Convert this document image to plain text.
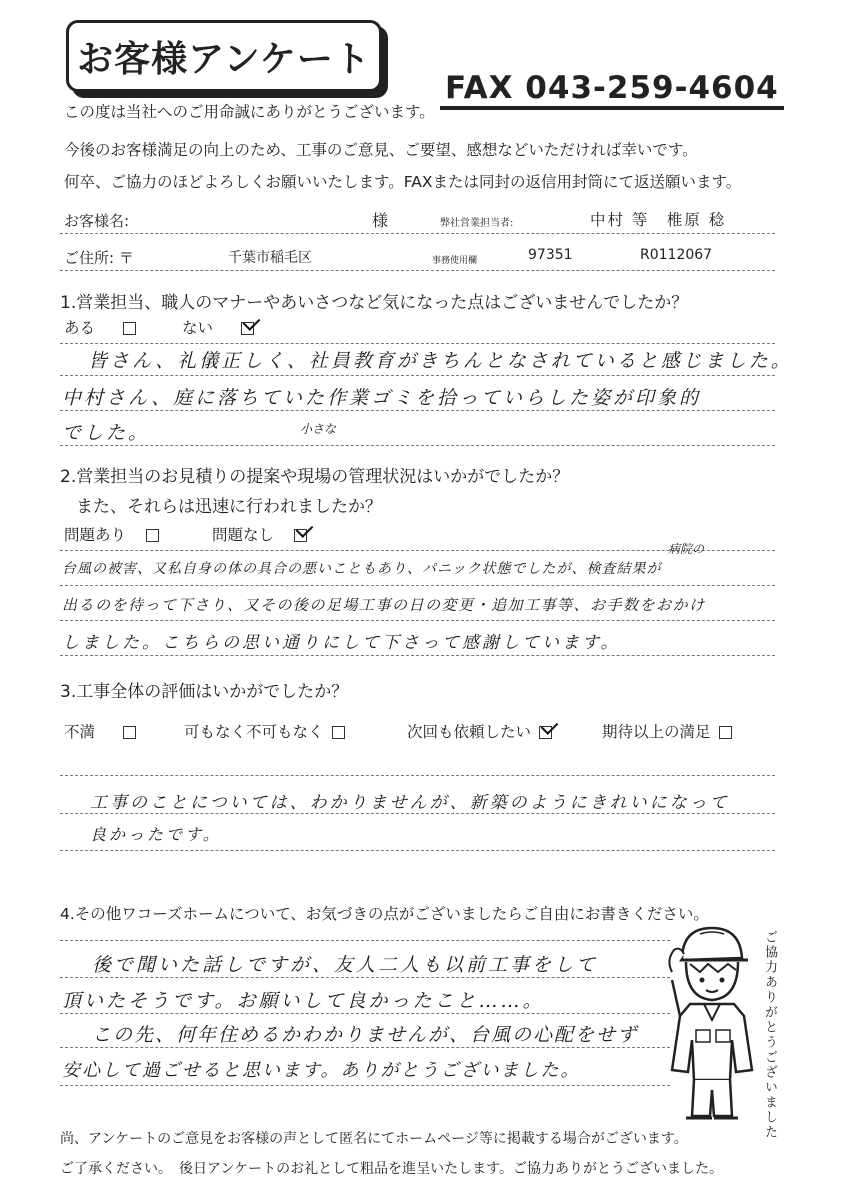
お客様アンケート
FAX 043-259-4604
この度は当社へのご用命誠にありがとうございます。
今後のお客様満足の向上のため、工事のご意見、ご要望、感想などいただければ幸いです。
何卒、ご協力のほどよろしくお願いいたします。FAXまたは同封の返信用封筒にて返送願います。
お客様名:	様	弊社営業担当者:	中村 等　椎原 稔
ご住所: 〒	千葉市稲毛区	事務使用欄	97351	R0112067
1.営業担当、職人のマナーやあいさつなど気になった点はございませんでしたか？
ある	ない
皆さん、礼儀正しく、社員教育がきちんとなされていると感じました。
中村さん、庭に落ちていた作業ゴミを拾っていらした姿が印象的
小さな
でした。
2.営業担当のお見積りの提案や現場の管理状況はいかがでしたか？
また、それらは迅速に行われましたか？
問題あり	問題なし
病院の
台風の被害、又私自身の体の具合の悪いこともあり、パニック状態でしたが、検査結果が
出るのを待って下さり、又その後の足場工事の日の変更・追加工事等、お手数をおかけ
しました。こちらの思い通りにして下さって感謝しています。
3.工事全体の評価はいかがでしたか？
不満	可もなく不可もなく	次回も依頼したい	期待以上の満足
工事のことについては、わかりませんが、新築のようにきれいになって
良かったです。
4.その他ワコーズホームについて、お気づきの点がございましたらご自由にお書きください。
後で聞いた話しですが、友人二人も以前工事をして
頂いたそうです。お願いして良かったこと……。
この先、何年住めるかわかりませんが、台風の心配をせず
安心して過ごせると思います。ありがとうございました。	ご協力ありがとうございました
尚、アンケートのご意見をお客様の声として匿名にてホームページ等に掲載する場合がございます。
ご了承ください。　後日アンケートのお礼として粗品を進呈いたします。ご協力ありがとうございました。
